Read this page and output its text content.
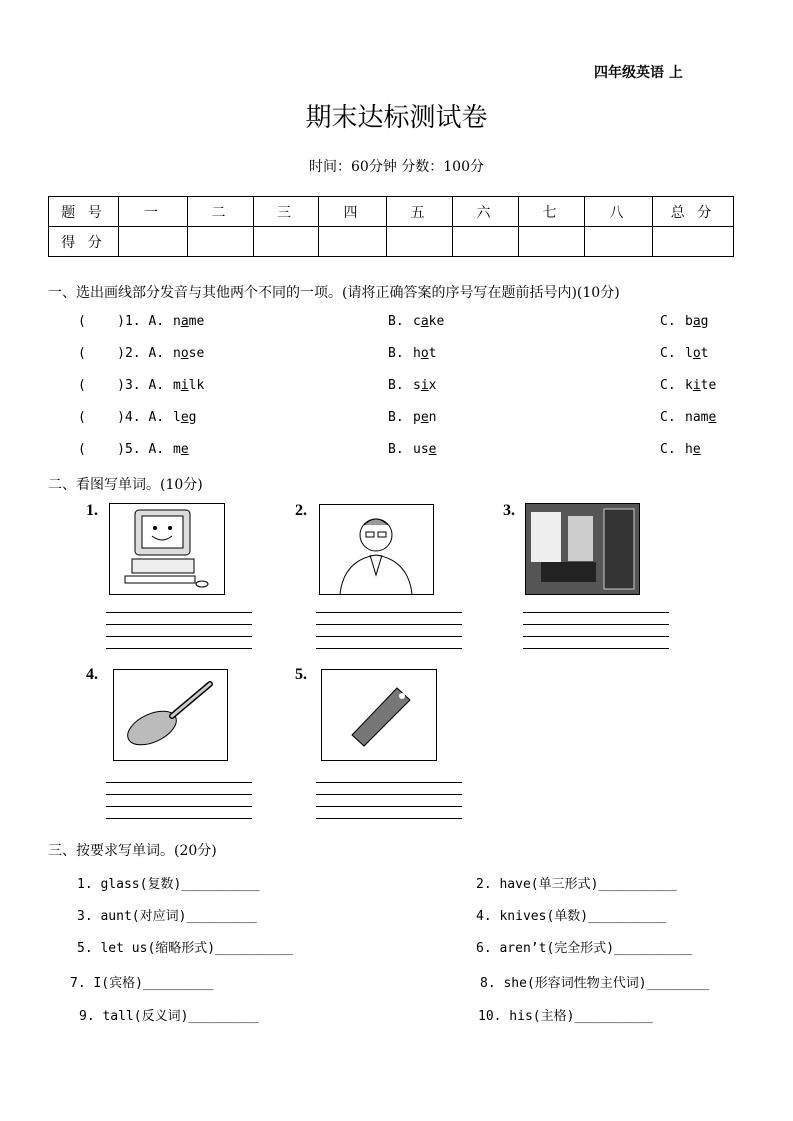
四年级英语 上
期末达标测试卷
时间：60分钟 分数：100分
题 号	一	二	三	四	五	六	七	八	总 分
得 分									
一、选出画线部分发音与其他两个不同的一项。(请将正确答案的序号写在题前括号内)(10分)
(    )1. A. name	B. cake	C. bag
(    )2. A. nose	B. hot	C. lot
(    )3. A. milk	B. six	C. kite
(    )4. A. leg	B. pen	C. name
(    )5. A. me	B. use	C. he
二、看图写单词。(10分)
1.	2.	3.
4.	5.
三、按要求写单词。(20分)
1. glass(复数)__________	2. have(单三形式)__________
3. aunt(对应词)_________	4. knives(单数)__________
5. let us(缩略形式)__________	6. aren’t(完全形式)__________
7. I(宾格)_________	8. she(形容词性物主代词)________
9. tall(反义词)_________	10. his(主格)__________
